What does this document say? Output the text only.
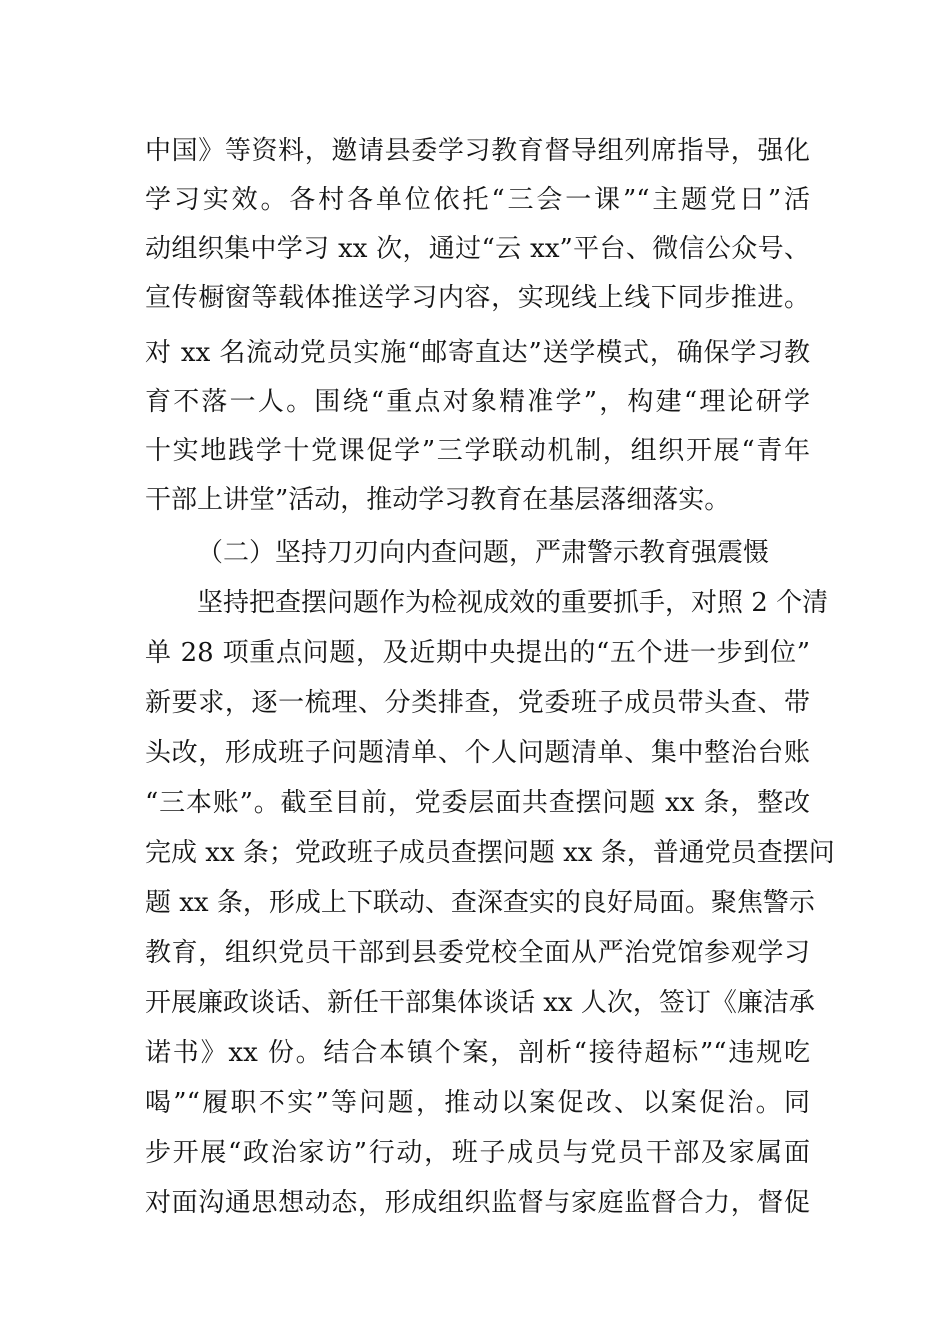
中国》等资料，邀请县委学习教育督导组列席指导，强化
学习实效。各村各单位依托“三会一课”“主题党日”活
动组织集中学习 xx 次，通过“云 xx”平台、微信公众号、
宣传橱窗等载体推送学习内容，实现线上线下同步推进。
对 xx 名流动党员实施“邮寄直达”送学模式，确保学习教
育不落一人。围绕“重点对象精准学”，构建“理论研学
十实地践学十党课促学”三学联动机制，组织开展“青年
干部上讲堂”活动，推动学习教育在基层落细落实。
（二）坚持刀刃向内查问题，严肃警示教育强震慑
坚持把查摆问题作为检视成效的重要抓手，对照 2 个清
单 28 项重点问题，及近期中央提出的“五个进一步到位”
新要求，逐一梳理、分类排查，党委班子成员带头查、带
头改，形成班子问题清单、个人问题清单、集中整治台账
“三本账”。截至目前，党委层面共查摆问题 xx 条，整改
完成 xx 条；党政班子成员查摆问题 xx 条，普通党员查摆问
题 xx 条，形成上下联动、查深查实的良好局面。聚焦警示
教育，组织党员干部到县委党校全面从严治党馆参观学习
开展廉政谈话、新任干部集体谈话 xx 人次，签订《廉洁承
诺书》xx 份。结合本镇个案，剖析“接待超标”“违规吃
喝”“履职不实”等问题，推动以案促改、以案促治。同
步开展“政治家访”行动，班子成员与党员干部及家属面
对面沟通思想动态，形成组织监督与家庭监督合力，督促
